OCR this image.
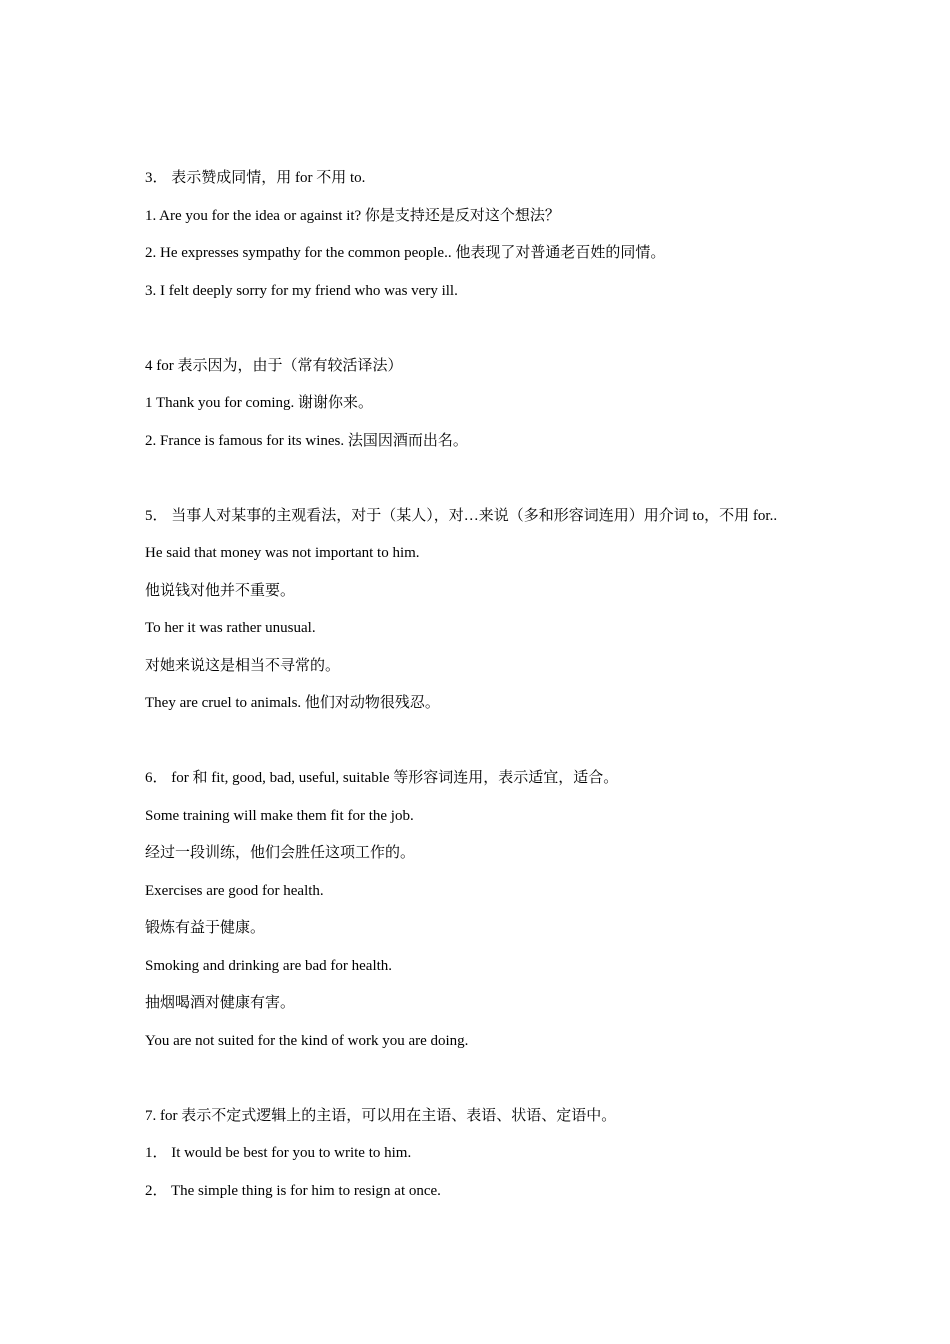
3． 表示赞成同情，用 for 不用 to.

1. Are you for the idea or against it? 你是支持还是反对这个想法？

2. He expresses sympathy for the common people.. 他表现了对普通老百姓的同情。

3. I felt deeply sorry for my friend who was very ill.

4 for 表示因为，由于（常有较活译法）

1 Thank you for coming. 谢谢你来。

2. France is famous for its wines. 法国因酒而出名。

5． 当事人对某事的主观看法，对于（某人），对…来说（多和形容词连用）用介词 to，不用 for..

He said that money was not important to him.

他说钱对他并不重要。

To her it was rather unusual.

对她来说这是相当不寻常的。

They are cruel to animals. 他们对动物很残忍。

6． for 和 fit, good, bad, useful, suitable 等形容词连用，表示适宜，适合。

Some training will make them fit for the job.

经过一段训练，他们会胜任这项工作的。

Exercises are good for health.

锻炼有益于健康。

Smoking and drinking are bad for health.

抽烟喝酒对健康有害。

You are not suited for the kind of work you are doing.

7. for 表示不定式逻辑上的主语，可以用在主语、表语、状语、定语中。

1． It would be best for you to write to him.

2． The simple thing is for him to resign at once.
